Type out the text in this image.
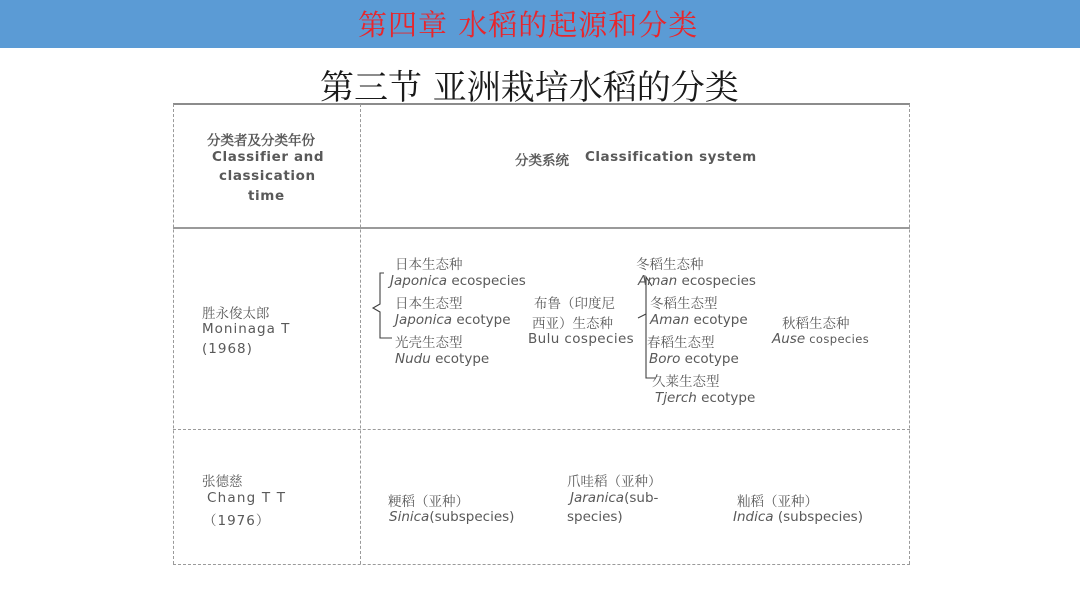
第四章 水稻的起源和分类
第三节 亚洲栽培水稻的分类
分类者及分类年份
Classifier and
classication
time
分类系统 Classification system
胜永俊太郎
Moninaga T
(1968)
日本生态种
Japonica ecospecies
日本生态型
Japonica ecotype
光壳生态型
Nudu ecotype
布鲁（印度尼
西亚）生态种
Bulu cospecies
冬稻生态种
Aman ecospecies
冬稻生态型
Aman ecotype
春稻生态型
Boro ecotype
久莱生态型
Tjerch ecotype
秋稻生态种
Ause cospecies
张德慈
Chang T T
（1976）
粳稻（亚种）
Sinica(subspecies)
爪哇稻（亚种）
Jaranica(sub-
species)
籼稻（亚种）
Indica (subspecies)
